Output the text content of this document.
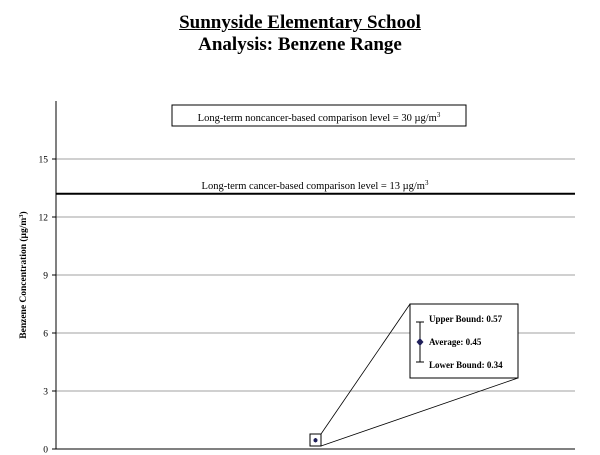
Sunnyside Elementary School
Analysis: Benzene Range
0
3
6
9
12
15
Benzene Concentration $(\mu g/m^3)$
Long-term noncancer-based comparison level = 30 $\mu g/m^3$
Long-term cancer-based comparison level = 13 $\mu g/m^3$
Upper Bound: 0.57
Average: 0.45
Lower Bound: 0.34
